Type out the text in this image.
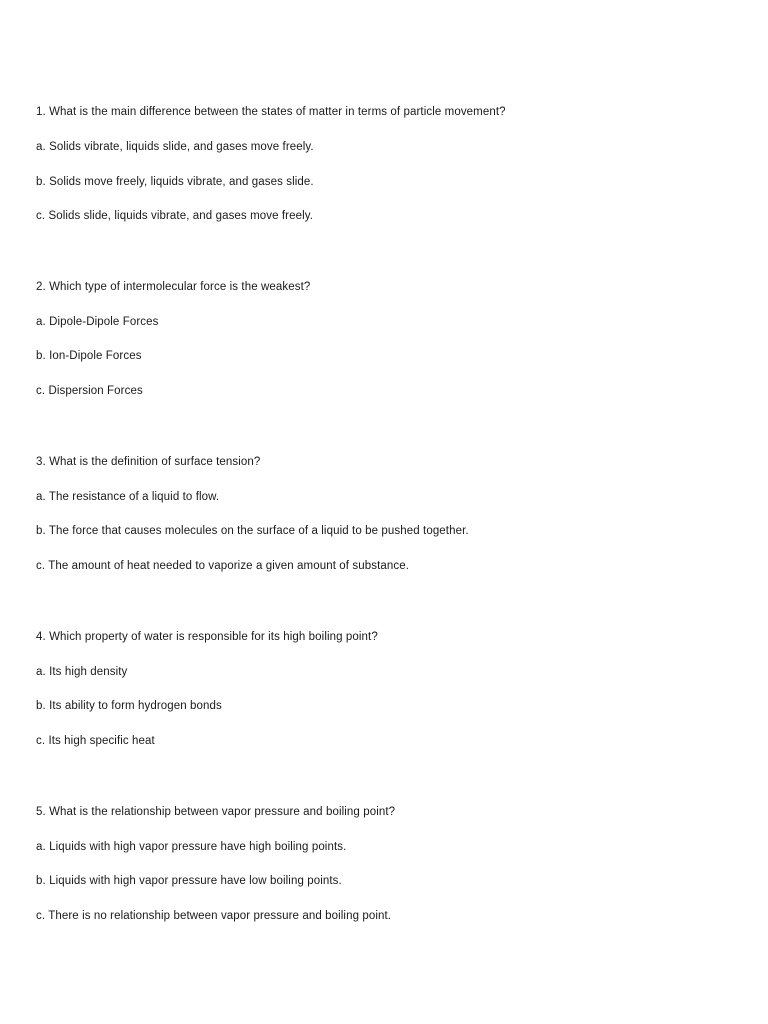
1. What is the main difference between the states of matter in terms of particle movement?
a. Solids vibrate, liquids slide, and gases move freely.
b. Solids move freely, liquids vibrate, and gases slide.
c. Solids slide, liquids vibrate, and gases move freely.
2. Which type of intermolecular force is the weakest?
a. Dipole-Dipole Forces
b. Ion-Dipole Forces
c. Dispersion Forces
3. What is the definition of surface tension?
a. The resistance of a liquid to flow.
b. The force that causes molecules on the surface of a liquid to be pushed together.
c. The amount of heat needed to vaporize a given amount of substance.
4. Which property of water is responsible for its high boiling point?
a. Its high density
b. Its ability to form hydrogen bonds
c. Its high specific heat
5. What is the relationship between vapor pressure and boiling point?
a. Liquids with high vapor pressure have high boiling points.
b. Liquids with high vapor pressure have low boiling points.
c. There is no relationship between vapor pressure and boiling point.
